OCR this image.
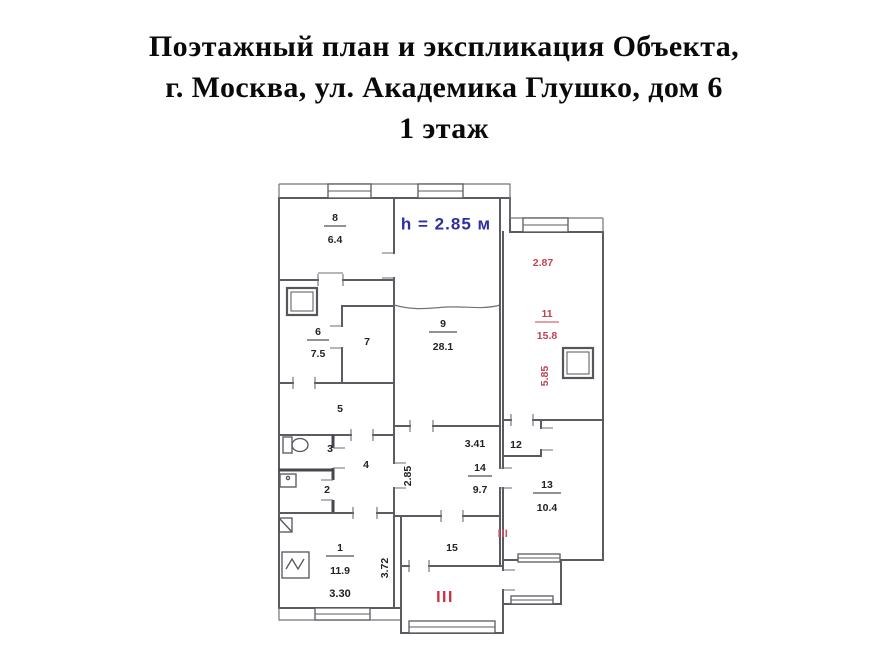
Поэтажный план и экспликация Объекта,
г. Москва, ул. Академика Глушко, дом 6
1 этаж
8
6.4
6
7.5
7
5
9
28.1
3
2
4
1
11.9
3.30
3.41
14
9.7
2.85
15
12
13
10.4
2.87
11
15.8
5.85
3.72
h = 2.85 м
III
III
